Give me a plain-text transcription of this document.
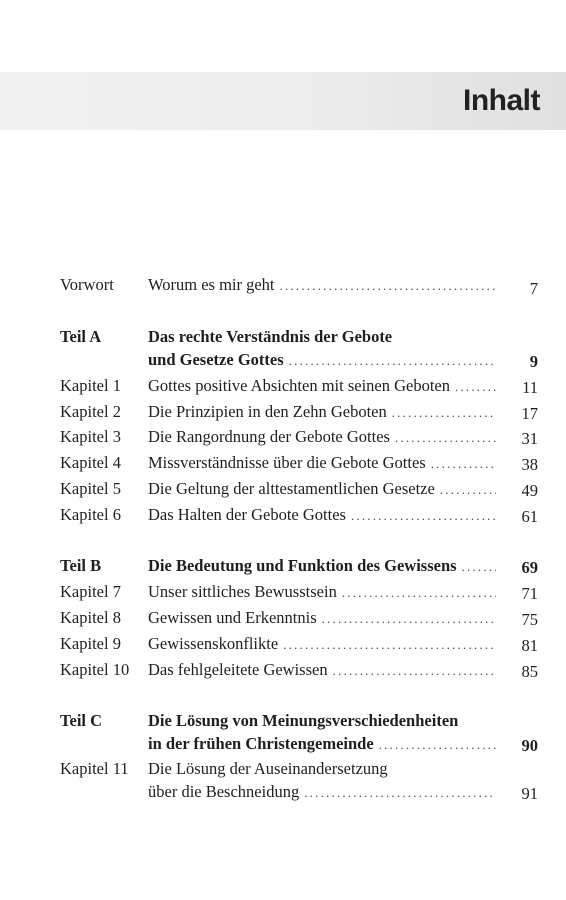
Inhalt
Vorwort Worum es mir geht .....	7
Teil A	Das rechte Verständnis der Gebote
und Gesetze Gottes .....	9
Kapitel 1 Gottes positive Absichten mit seinen Geboten .....	11
Kapitel 2 Die Prinzipien in den Zehn Geboten .....	17
Kapitel 3 Die Rangordnung der Gebote Gottes .....	31
Kapitel 4 Missverständnisse über die Gebote Gottes .....	38
Kapitel 5 Die Geltung der alttestamentlichen Gesetze .....	49
Kapitel 6 Das Halten der Gebote Gottes .....	61
Teil B	Die Bedeutung und Funktion des Gewissens .....	69
Kapitel 7 Unser sittliches Bewusstsein .....	71
Kapitel 8 Gewissen und Erkenntnis .....	75
Kapitel 9 Gewissenskonflikte .....	81
Kapitel 10 Das fehlgeleitete Gewissen .....	85
Teil C	Die Lösung von Meinungsverschiedenheiten
in der frühen Christengemeinde .....	90
Kapitel 11 Die Lösung der Auseinandersetzung
über die Beschneidung .....	91
